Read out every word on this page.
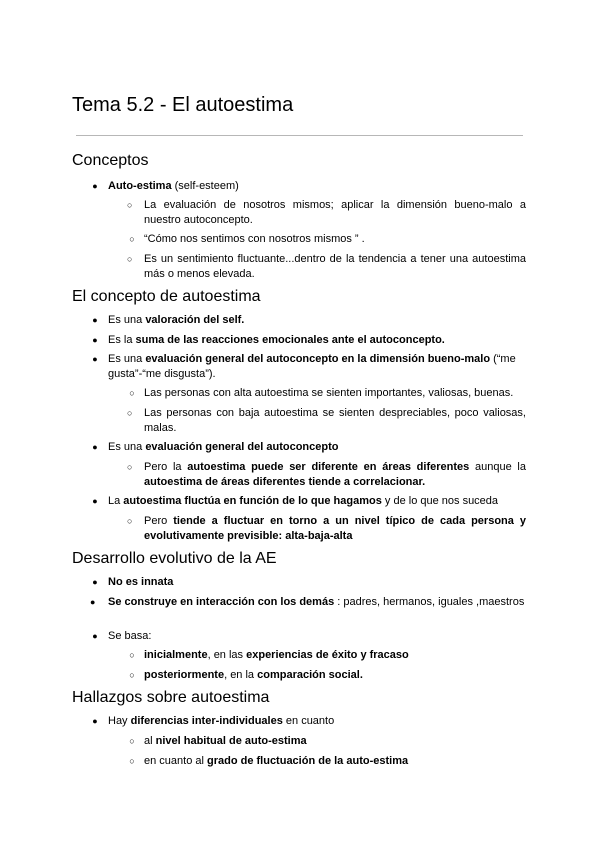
Tema 5.2 - El autoestima
Conceptos
● Auto-estima (self-esteem)
○	La evaluación de nosotros mismos; aplicar la dimensión bueno-malo a nuestro autoconcepto.
○ “Cómo nos sentimos con nosotros mismos ” .
○	Es un sentimiento fluctuante...dentro de la tendencia a tener una autoestima más o menos elevada.
El concepto de autoestima
● Es una valoración del self.
● Es la suma de las reacciones emocionales ante el autoconcepto.
● Es una evaluación general del autoconcepto en la dimensión bueno-malo (“me gusta”-“me disgusta”).
○ Las personas con alta autoestima se sienten importantes, valiosas, buenas.
○	Las personas con baja autoestima se sienten despreciables, poco valiosas, malas.
● Es una evaluación general del autoconcepto
○	Pero la autoestima puede ser diferente en áreas diferentes aunque la autoestima de áreas diferentes tiende a correlacionar.
● La autoestima fluctúa en función de lo que hagamos y de lo que nos suceda
○	Pero tiende a fluctuar en torno a un nivel típico de cada persona y evolutivamente previsible: alta-baja-alta
Desarrollo evolutivo de la AE
● No es innata
●	Se construye en interacción con los demás : padres, hermanos, iguales ,maestros
● Se basa:
○ inicialmente, en las experiencias de éxito y fracaso
○ posteriormente, en la comparación social.
Hallazgos sobre autoestima
● Hay diferencias inter-individuales en cuanto
○ al nivel habitual de auto-estima
○ en cuanto al grado de fluctuación de la auto-estima
